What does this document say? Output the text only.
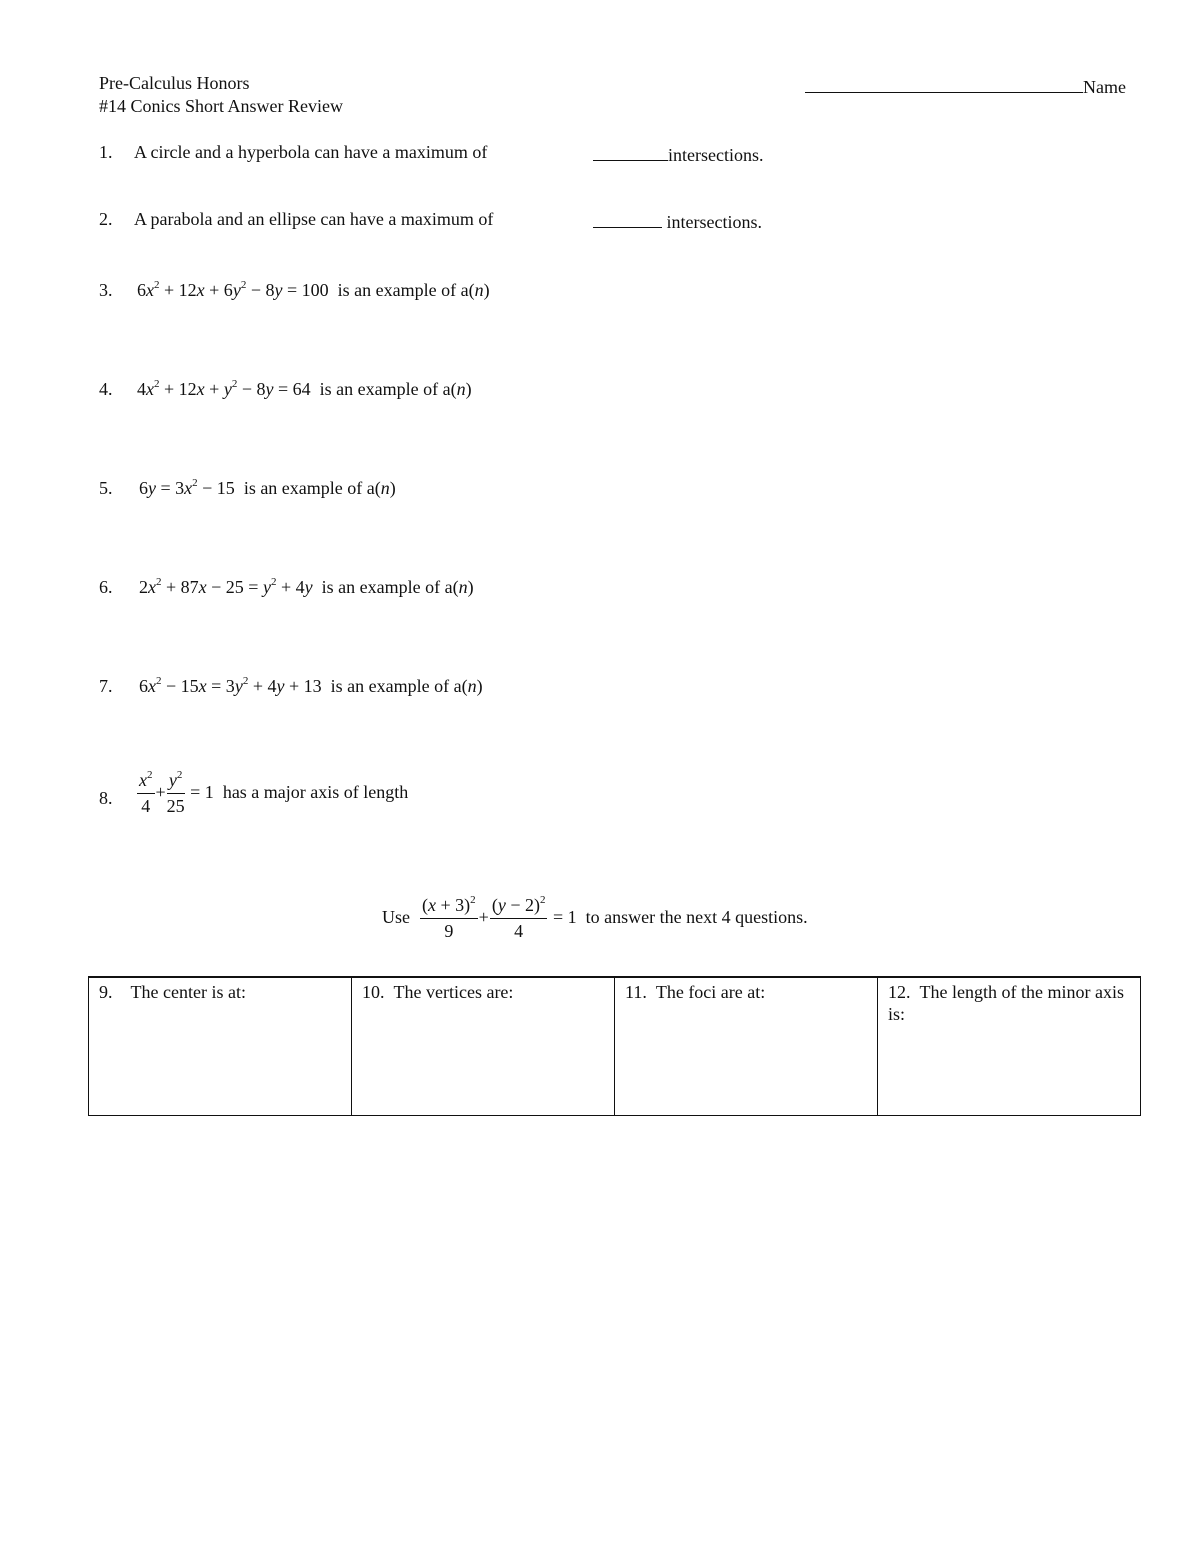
Pre-Calculus Honors
#14 Conics Short Answer Review
Name
1. A circle and a hyperbola can have a maximum of	intersections.
2. A parabola and an ellipse can have a maximum of	intersections.
3. $6x^2 + 12x + 6y^2 - 8y = 100$  is an example of a(n)
4. $4x^2 + 12x + y^2 - 8y = 64$  is an example of a(n)
5. $6y = 3x^2 - 15$  is an example of a(n)
6. $2x^2 + 87x - 25 = y^2 + 4y$ is an example of a(n)
7. $6x^2 - 15x = 3y^2 + 4y + 13$  is an example of a(n)
8. $\frac{x^2}{4} + \frac{y^2}{25} = 1$  has a major axis of length
Use $\frac{(x + 3)^2}{9} + \frac{(y - 2)^2}{4} = 1$  to answer the next 4 questions.
9.    The center is at:	10.  The vertices are:	11.  The foci are at:	12.  The length of the minor axis is:
